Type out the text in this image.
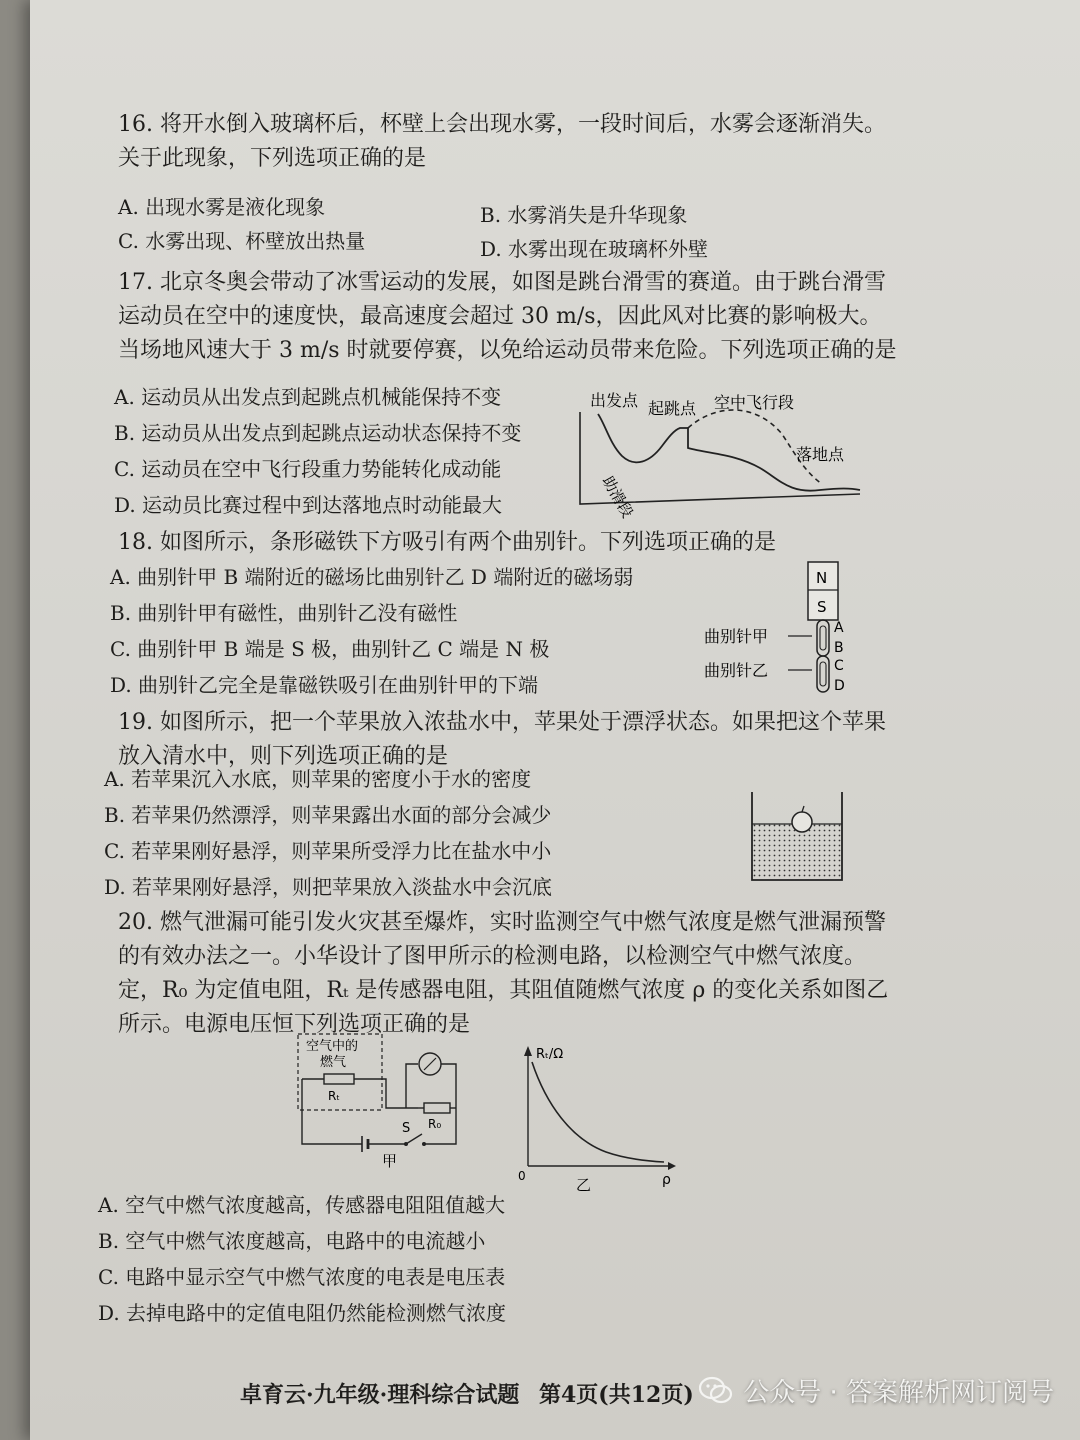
16. 将开水倒入玻璃杯后，杯壁上会出现水雾，一段时间后，水雾会逐渐消失。关于此现象，下列选项正确的是
A. 出现水雾是液化现象
C. 水雾出现、杯壁放出热量
B. 水雾消失是升华现象
D. 水雾出现在玻璃杯外壁
17. 北京冬奥会带动了冰雪运动的发展，如图是跳台滑雪的赛道。由于跳台滑雪运动员在空中的速度快，最高速度会超过 30 m/s，因此风对比赛的影响极大。当场地风速大于 3 m/s 时就要停赛，以免给运动员带来危险。下列选项正确的是
A. 运动员从出发点到起跳点机械能保持不变
B. 运动员从出发点到起跳点运动状态保持不变
C. 运动员在空中飞行段重力势能转化成动能
D. 运动员比赛过程中到达落地点时动能最大
出发点 起跳点 空中飞行段
助滑段
落地点
18. 如图所示，条形磁铁下方吸引有两个曲别针。下列选项正确的是
A. 曲别针甲 B 端附近的磁场比曲别针乙 D 端附近的磁场弱
B. 曲别针甲有磁性，曲别针乙没有磁性
C. 曲别针甲 B 端是 S 极，曲别针乙 C 端是 N 极
D. 曲别针乙完全是靠磁铁吸引在曲别针甲的下端
N
S
曲别针甲
曲别针乙
A
B
C
D
19. 如图所示，把一个苹果放入浓盐水中，苹果处于漂浮状态。如果把这个苹果放入清水中，则下列选项正确的是
A. 若苹果沉入水底，则苹果的密度小于水的密度
B. 若苹果仍然漂浮，则苹果露出水面的部分会减少
C. 若苹果刚好悬浮，则苹果所受浮力比在盐水中小
D. 若苹果刚好悬浮，则把苹果放入淡盐水中会沉底
20. 燃气泄漏可能引发火灾甚至爆炸，实时监测空气中燃气浓度是燃气泄漏预警的有效办法之一。小华设计了图甲所示的检测电路，以检测空气中燃气浓度。定，R₀ 为定值电阻，Rₜ 是传感器电阻，其阻值随燃气浓度 ρ 的变化关系如图乙所示。电源电压恒下列选项正确的是
空气中的
燃气
Rₜ
S R₀
甲
Rₜ/Ω
0	ρ
乙
A. 空气中燃气浓度越高，传感器电阻阻值越大
B. 空气中燃气浓度越高，电路中的电流越小
C. 电路中显示空气中燃气浓度的电表是电压表
D. 去掉电路中的定值电阻仍然能检测燃气浓度
卓育云·九年级·理科综合试题 第4页(共12页)	公众号 · 答案解析网订阅号
